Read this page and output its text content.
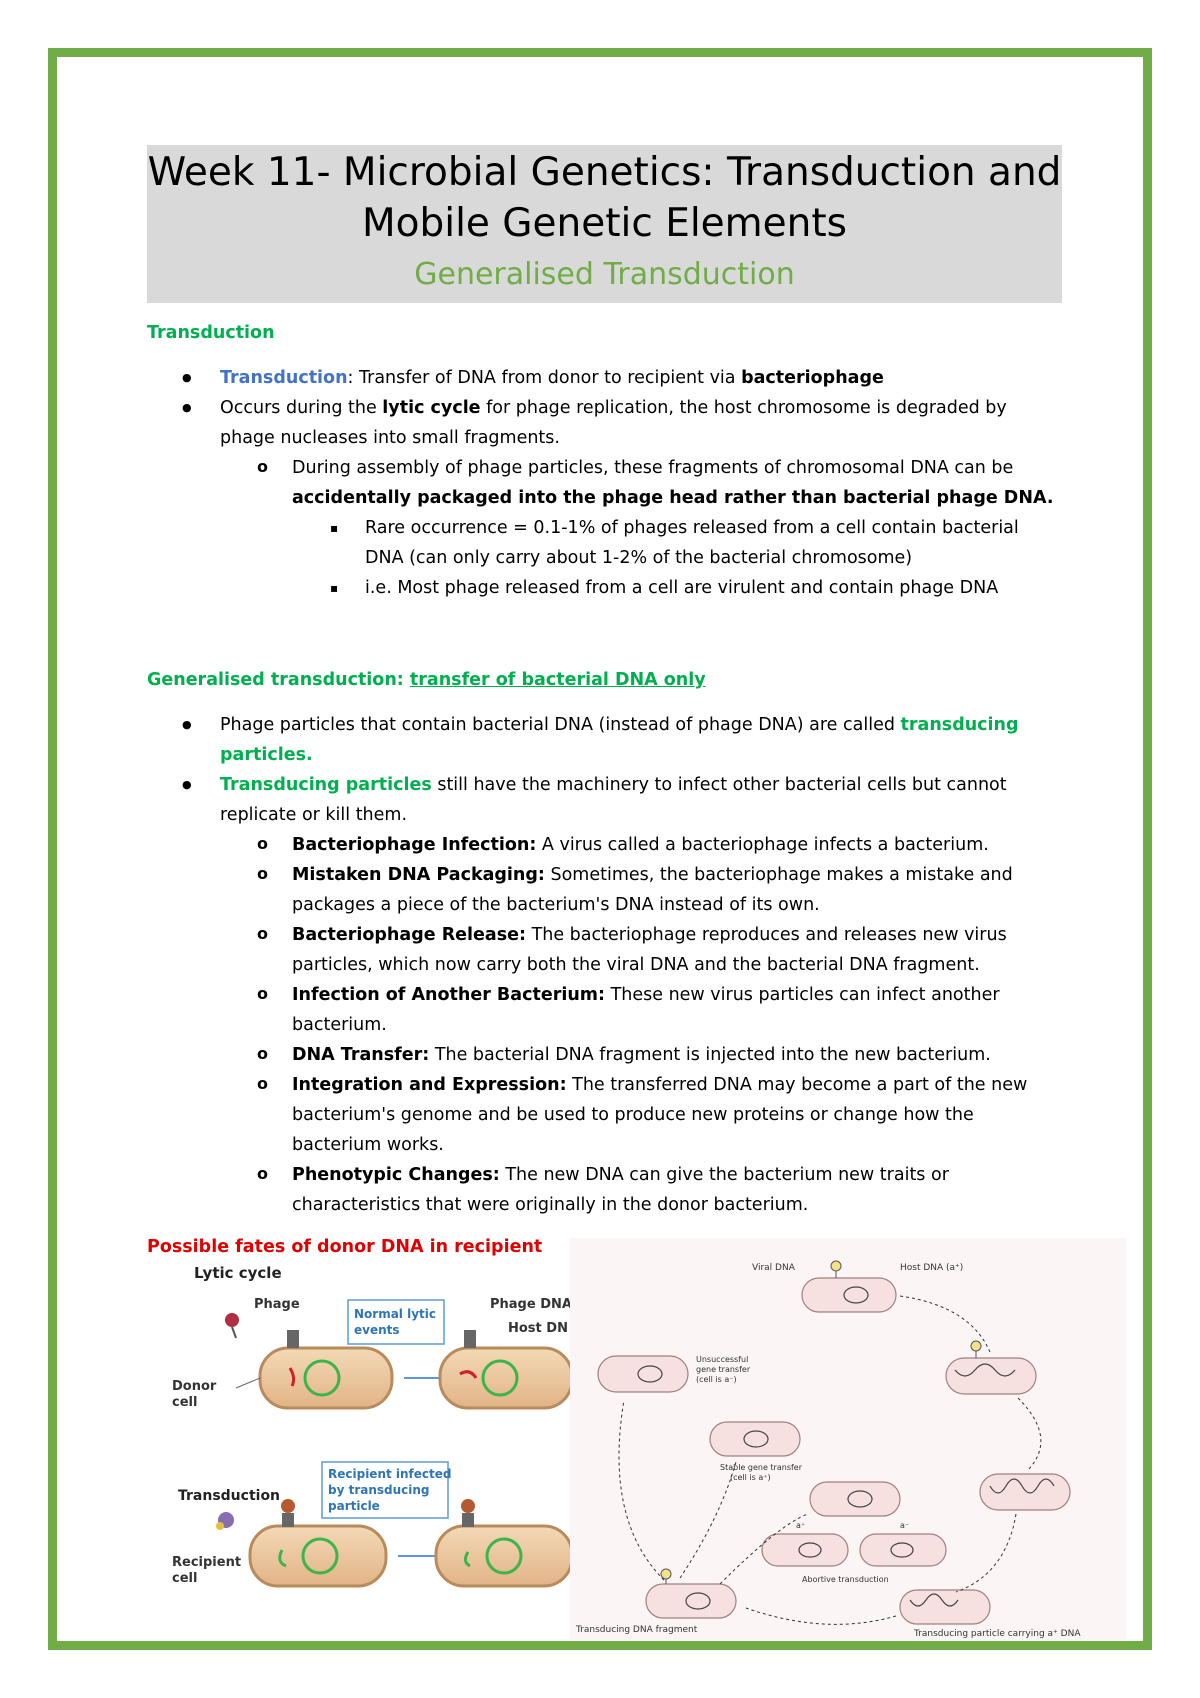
Week 11- Microbial Genetics: Transduction and Mobile Genetic Elements
Generalised Transduction

Transduction

● Transduction: Transfer of DNA from donor to recipient via bacteriophage
● Occurs during the lytic cycle for phage replication, the host chromosome is degraded by phage nucleases into small fragments.
o During assembly of phage particles, these fragments of chromosomal DNA can be accidentally packaged into the phage head rather than bacterial phage DNA.
▪ Rare occurrence = 0.1-1% of phages released from a cell contain bacterial DNA (can only carry about 1-2% of the bacterial chromosome)
▪ i.e. Most phage released from a cell are virulent and contain phage DNA

Generalised transduction: transfer of bacterial DNA only

● Phage particles that contain bacterial DNA (instead of phage DNA) are called transducing particles.
● Transducing particles still have the machinery to infect other bacterial cells but cannot replicate or kill them.
o Bacteriophage Infection: A virus called a bacteriophage infects a bacterium.
o Mistaken DNA Packaging: Sometimes, the bacteriophage makes a mistake and packages a piece of the bacterium's DNA instead of its own.
o Bacteriophage Release: The bacteriophage reproduces and releases new virus particles, which now carry both the viral DNA and the bacterial DNA fragment.
o Infection of Another Bacterium: These new virus particles can infect another bacterium.
o DNA Transfer: The bacterial DNA fragment is injected into the new bacterium.
o Integration and Expression: The transferred DNA may become a part of the new bacterium's genome and be used to produce new proteins or change how the bacterium works.
o Phenotypic Changes: The new DNA can give the bacterium new traits or characteristics that were originally in the donor bacterium.
Possible fates of donor DNA in recipient
Lytic cycle
Phage
Normal lytic
events
Phage DNA
Host DN
Donor
cell
Transduction
Recipient infected
by transducing
particle
Recipient
cell
Viral DNA	Host DNA (a⁺)
Unsuccessful
gene transfer
(cell is a⁻)
Stable gene transfer
(cell is a⁺)
Abortive transduction
a⁺	a⁻
Transducing DNA fragment	Transducing particle carrying a⁺ DNA
